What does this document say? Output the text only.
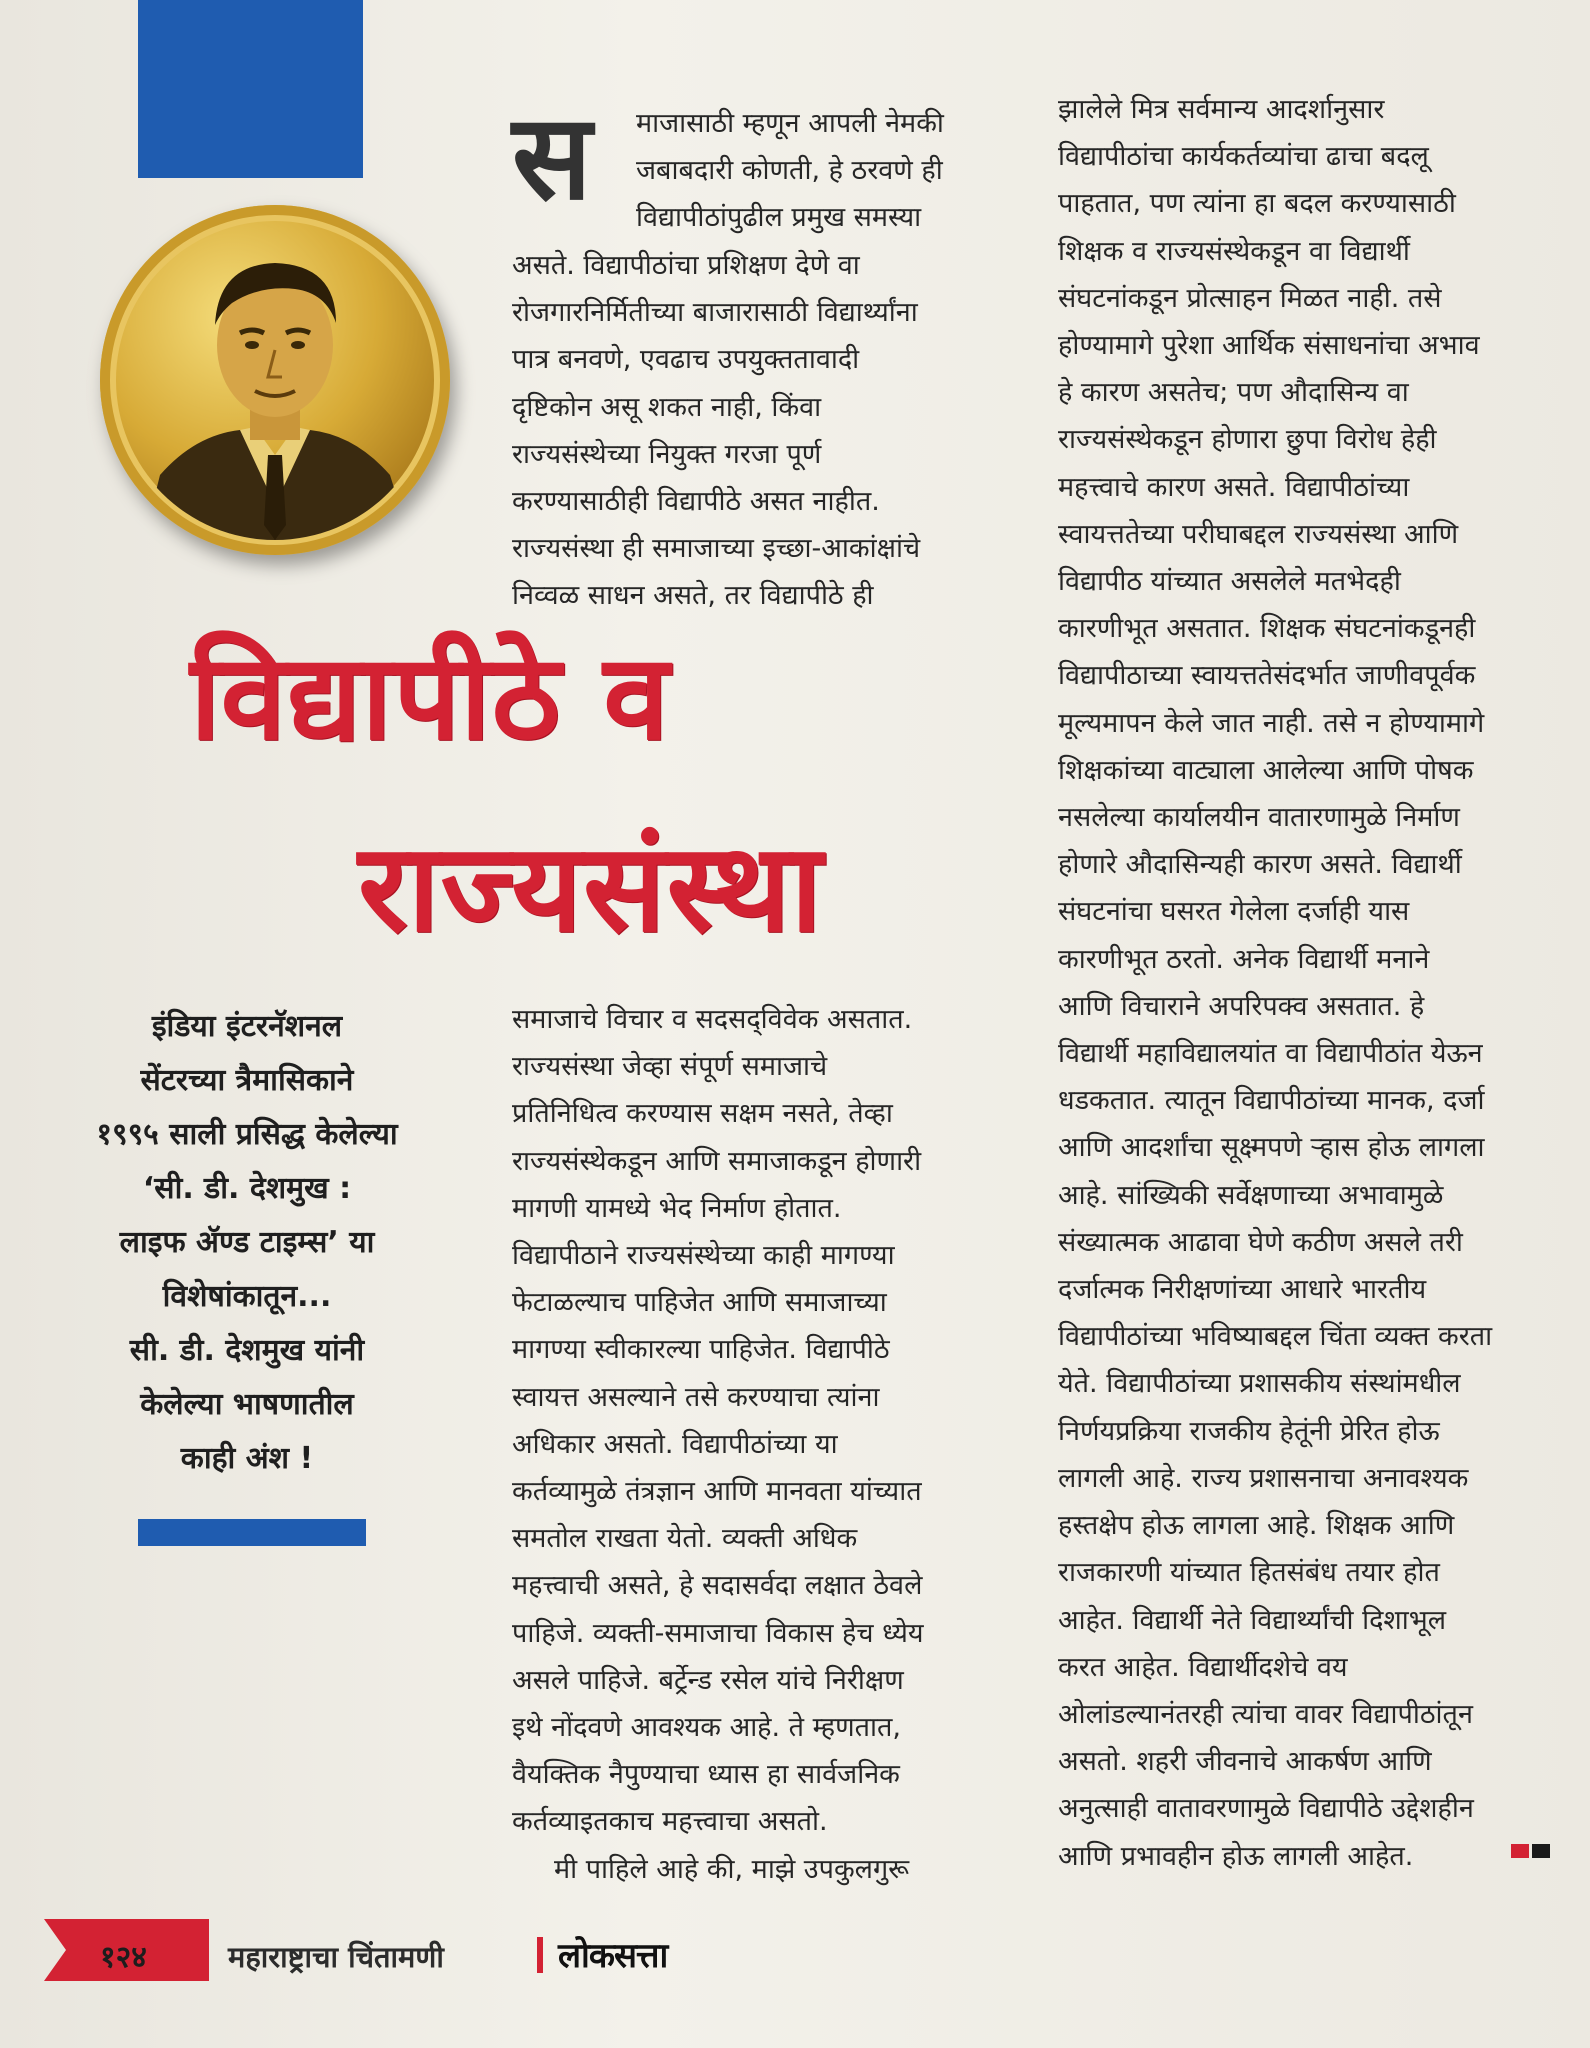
स माजासाठी म्हणून आपली नेमकी

जबाबदारी कोणती, हे ठरवणे ही

विद्यापीठांपुढील प्रमुख समस्या

असते. विद्यापीठांचा प्रशिक्षण देणे वा

रोजगारनिर्मितीच्या बाजारासाठी विद्यार्थ्यांना

पात्र बनवणे, एवढाच उपयुक्ततावादी

दृष्टिकोन असू शकत नाही, किंवा

राज्यसंस्थेच्या नियुक्त गरजा पूर्ण

करण्यासाठीही विद्यापीठे असत नाहीत.

राज्यसंस्था ही समाजाच्या इच्छा-आकांक्षांचे

निव्वळ साधन असते, तर विद्यापीठे ही

विद्यापीठे व
राज्यसंस्था

इंडिया इंटरनॅशनल

सेंटरच्या त्रैमासिकाने

१९९५ साली प्रसिद्ध केलेल्या

‘सी. डी. देशमुख :

लाइफ ॲण्ड टाइम्स’ या

विशेषांकातून...

सी. डी. देशमुख यांनी

केलेल्या भाषणातील

काही अंश !

समाजाचे विचार व सदसद्‌विवेक असतात.

राज्यसंस्था जेव्हा संपूर्ण समाजाचे

प्रतिनिधित्व करण्यास सक्षम नसते, तेव्हा

राज्यसंस्थेकडून आणि समाजाकडून होणारी

मागणी यामध्ये भेद निर्माण होतात.

विद्यापीठाने राज्यसंस्थेच्या काही मागण्या

फेटाळल्याच पाहिजेत आणि समाजाच्या

मागण्या स्वीकारल्या पाहिजेत. विद्यापीठे

स्वायत्त असल्याने तसे करण्याचा त्यांना

अधिकार असतो. विद्यापीठांच्या या

कर्तव्यामुळे तंत्रज्ञान आणि मानवता यांच्यात

समतोल राखता येतो. व्यक्ती अधिक

महत्त्वाची असते, हे सदासर्वदा लक्षात ठेवले

पाहिजे. व्यक्ती-समाजाचा विकास हेच ध्येय

असले पाहिजे. बर्ट्रेन्ड रसेल यांचे निरीक्षण

इथे नोंदवणे आवश्यक आहे. ते म्हणतात,

वैयक्तिक नैपुण्याचा ध्यास हा सार्वजनिक

कर्तव्याइतकाच महत्त्वाचा असतो.

मी पाहिले आहे की, माझे उपकुलगुरू

झालेले मित्र सर्वमान्य आदर्शानुसार

विद्यापीठांचा कार्यकर्तव्यांचा ढाचा बदलू

पाहतात, पण त्यांना हा बदल करण्यासाठी

शिक्षक व राज्यसंस्थेकडून वा विद्यार्थी

संघटनांकडून प्रोत्साहन मिळत नाही. तसे

होण्यामागे पुरेशा आर्थिक संसाधनांचा अभाव

हे कारण असतेच; पण औदासिन्य वा

राज्यसंस्थेकडून होणारा छुपा विरोध हेही

महत्त्वाचे कारण असते. विद्यापीठांच्या

स्वायत्ततेच्या परीघाबद्दल राज्यसंस्था आणि

विद्यापीठ यांच्यात असलेले मतभेदही

कारणीभूत असतात. शिक्षक संघटनांकडूनही

विद्यापीठाच्या स्वायत्ततेसंदर्भात जाणीवपूर्वक

मूल्यमापन केले जात नाही. तसे न होण्यामागे

शिक्षकांच्या वाट्याला आलेल्या आणि पोषक

नसलेल्या कार्यालयीन वातारणामुळे निर्माण

होणारे औदासिन्यही कारण असते. विद्यार्थी

संघटनांचा घसरत गेलेला दर्जाही यास

कारणीभूत ठरतो. अनेक विद्यार्थी मनाने

आणि विचाराने अपरिपक्व असतात. हे

विद्यार्थी महाविद्यालयांत वा विद्यापीठांत येऊन

धडकतात. त्यातून विद्यापीठांच्या मानक, दर्जा

आणि आदर्शांचा सूक्ष्मपणे ऱ्हास होऊ लागला

आहे. सांख्यिकी सर्वेक्षणाच्या अभावामुळे

संख्यात्मक आढावा घेणे कठीण असले तरी

दर्जात्मक निरीक्षणांच्या आधारे भारतीय

विद्यापीठांच्या भविष्याबद्दल चिंता व्यक्त करता

येते. विद्यापीठांच्या प्रशासकीय संस्थांमधील

निर्णयप्रक्रिया राजकीय हेतूंनी प्रेरित होऊ

लागली आहे. राज्य प्रशासनाचा अनावश्यक

हस्तक्षेप होऊ लागला आहे. शिक्षक आणि

राजकारणी यांच्यात हितसंबंध तयार होत

आहेत. विद्यार्थी नेते विद्यार्थ्यांची दिशाभूल

करत आहेत. विद्यार्थीदशेचे वय

ओलांडल्यानंतरही त्यांचा वावर विद्यापीठांतून

असतो. शहरी जीवनाचे आकर्षण आणि

अनुत्साही वातावरणामुळे विद्यापीठे उद्देशहीन

आणि प्रभावहीन होऊ लागली आहेत.

१२४	महाराष्ट्राचा चिंतामणी	लोकसत्ता
